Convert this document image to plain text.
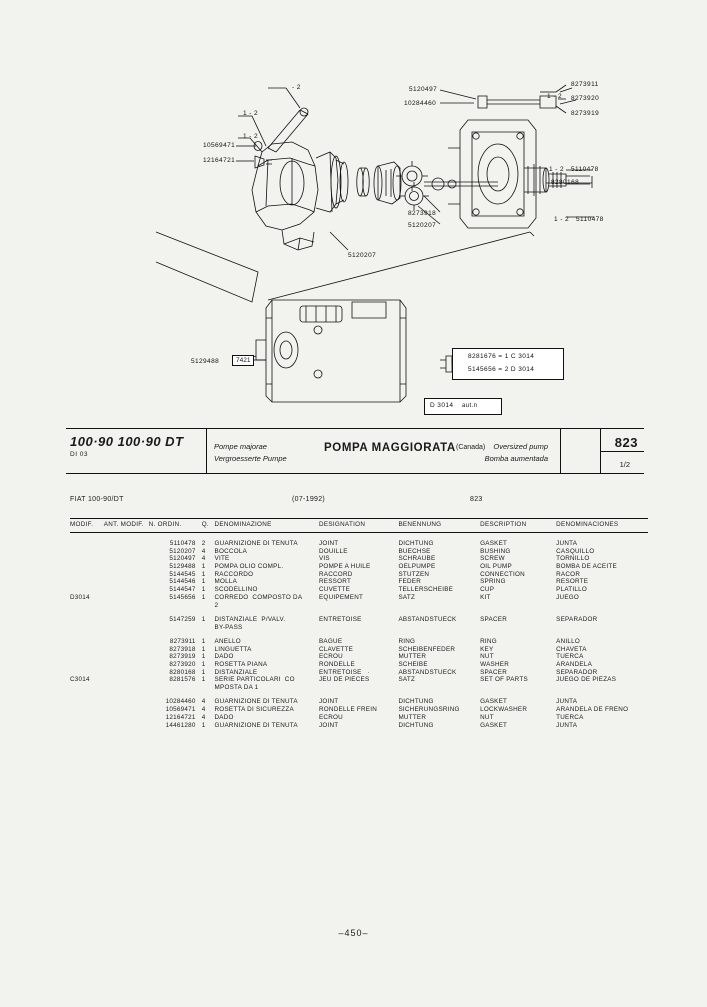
- 2	5120497
10284460
8273911
1 - 2 8273920
8273919
1 - 2
1 - 2
10569471
12164721
5110478
1 - 2
8280168
8273918
5120207
1 - 2 5110478
5120207
5129488	7421
8281676 = 1 C 3014
5145656 = 2 D 3014
D 3014 aut.n
100·90 100·90 DT
DI 03
Pompe majorae
Vergroesserte Pumpe
POMPA MAGGIORATA (Canada) Oversized pump
Bomba aumentada
823
1/2
FIAT 100-90/DT	(07-1992)	823
MODIF.	ANT. MODIF.	N. ORDIN.	Q.	DENOMINAZIONE	DESIGNATION	BENENNUNG	DESCRIPTION	DENOMINACIONES

		5110478	2	GUARNIZIONE DI TENUTA	JOINT	DICHTUNG	GASKET	JUNTA
		5120207	4	BOCCOLA	DOUILLE	BUECHSE	BUSHING	CASQUILLO
		5120497	4	VITE	VIS	SCHRAUBE	SCREW	TORNILLO
		5129488	1	POMPA OLIO COMPL.	POMPE A HUILE	OELPUMPE	OIL PUMP	BOMBA DE ACEITE
		5144545	1	RACCORDO	RACCORD	STUTZEN	CONNECTION	RACOR
		5144546	1	MOLLA	RESSORT	FEDER	SPRING	RESORTE
		5144547	1	SCODELLINO	CUVETTE	TELLERSCHEIBE	CUP	PLATILLO
D3014		5145656	1	CORREDO  COMPOSTO DA	EQUIPEMENT	SATZ	KIT	JUEGO
				2				

		5147259	1	DISTANZIALE  P/VALV.	ENTRETOISE	ABSTANDSTUECK	SPACER	SEPARADOR
				BY-PASS				

		8273911	1	ANELLO	BAGUE	RING	RING	ANILLO
		8273918	1	LINGUETTA	CLAVETTE	SCHEIBENFEDER	KEY	CHAVETA
		8273919	1	DADO	ECROU	MUTTER	NUT	TUERCA
		8273920	1	ROSETTA PIANA	RONDELLE	SCHEIBE	WASHER	ARANDELA
		8280168	1	DISTANZIALE	ENTRETOISE   ·	ABSTANDSTUECK	SPACER	SEPARADOR
C3014		8281576	1	SERIE PARTICOLARI  CO	JEU DE PIECES	SATZ	SET OF PARTS	JUEGO DE PIEZAS
				MPOSTA DA 1				

		10284460	4	GUARNIZIONE DI TENUTA	JOINT	DICHTUNG	GASKET	JUNTA
		10569471	4	ROSETTA DI SICUREZZA	RONDELLE FREIN	SICHERUNGSRING	LOCKWASHER	ARANDELA DE FRENO
		12164721	4	DADO	ECROU	MUTTER	NUT	TUERCA
		14461280	1	GUARNIZIONE DI TENUTA	JOINT	DICHTUNG	GASKET	JUNTA
–450–
